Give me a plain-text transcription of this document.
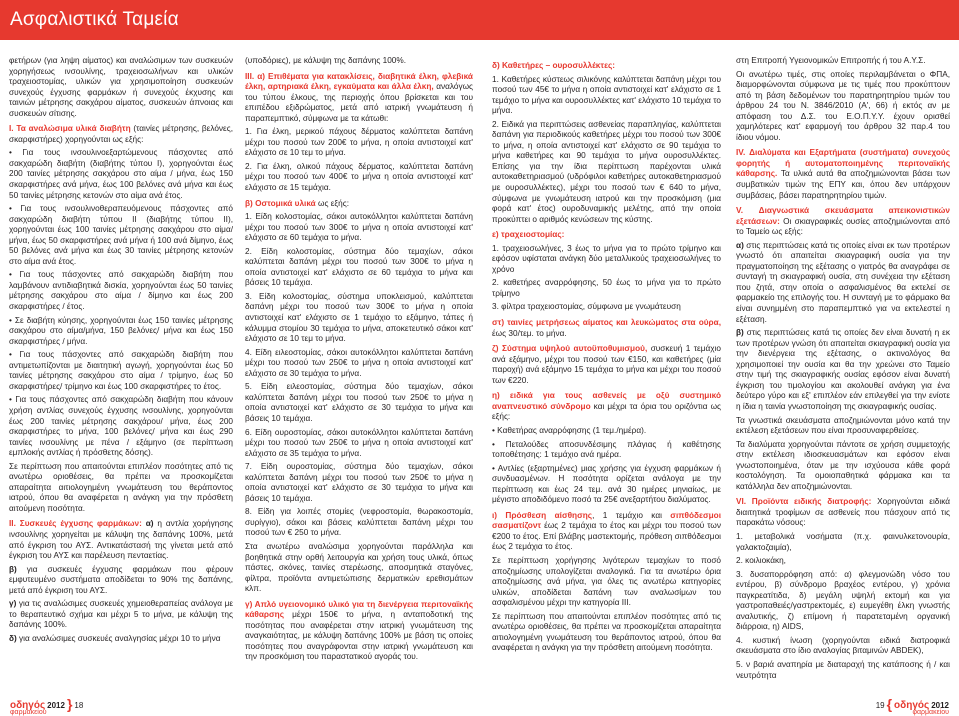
Ασφαλιστικά Ταμεία

φετήρων (για ληψη αίματος) και αναλώσιμων των συσκευών χορηγήσεως ινσουλίνης, τραχειοσωλήνων και υλικών τραχειοστομίας, υλικών για χρησιμοποίηση συσκευών συνεχούς έγχυσης φαρμάκων ή συνεχούς έκχυσης και ταινιών μέτρησης σακχάρου αίματος, συσκευών άπνοιας και συσκευών σίτισης.

Ι. Τα αναλώσιμα υλικά διαβήτη (ταινίες μέτρησης, βελόνες, σκαρφιστήρες) χορηγούνται ως εξής:

• Για τους ινσουλινοεξαρτώμενους πάσχοντες από σακχαρώδη διαβήτη (διαβήτης τύπου Ι), χορηγούνται έως 200 ταινίες μέτρησης σακχάρου στο αίμα / μήνα, έως 150 σκαρφιστήρες ανά μήνα, έως 100 βελόνες ανά μήνα και έως 50 ταινίες μέτρησης κετονών στο αίμα ανά έτος.

• Για τους ινσουλινοθεραπευόμενους πάσχοντες από σακχαρώδη διαβήτη τύπου ΙΙ (διαβήτης τύπου ΙΙ), χορηγούνται έως 100 ταινίες μέτρησης σακχάρου στο αίμα/μήνα, έως 50 σκαρφιστήρες ανά μήνα ή 100 ανά δίμηνο, έως 50 βελόνες ανά μήνα και έως 30 ταινίες μέτρησης κετονών στο αίμα ανά έτος.

• Για τους πάσχοντες από σακχαρώδη διαβήτη που λαμβάνουν αντιδιαβητικά δισκία, χορηγούνται έως 50 ταινίες μέτρησης σακχάρου στο αίμα / δίμηνο και έως 200 σκαρφιστήρες / έτος.

• Σε διαβήτη κύησης, χορηγούνται έως 150 ταινίες μέτρησης σακχάρου στο αίμα/μήνα, 150 βελόνες/ μήνα και έως 150 σκαρφιστήρες / μήνα.

• Για τους πάσχοντες από σακχαρώδη διαβήτη που αντιμετωπίζονται με διαιτητική αγωγή, χορηγούνται έως 50 ταινίες μέτρησης σακχάρου στο αίμα / τρίμηνο, έως 50 σκαρφιστήρες/ τρίμηνο και έως 100 σκαρφιστήρες το έτος.

• Για τους πάσχοντες από σακχαρώδη διαβήτη που κάνουν χρήση αντλίας συνεχούς έγχυσης ινσουλίνης, χορηγούνται έως 200 ταινίες μέτρησης σακχάρου/ μήνα, έως 200 σκαρφιστήρες το μήνα, 100 βελόνες/ μήνα και έως 290 ταινίες ινσουλίνης με πένα / εξάμηνο (σε περίπτωση εμπλοκής αντλίας ή πρόσθετης δόσης).

Σε περίπτωση που απαιτούνται επιπλέον ποσότητες από τις ανωτέρω οριοθέσεις, θα πρέπει να προσκομίζεται απαραίτητα αιτιολογημένη γνωμάτευση του θεράποντος ιατρού, όπου θα αναφέρεται η ανάγκη για την πρόσθετη αιτούμενη ποσότητα.

ΙΙ. Συσκευές έγχυσης φαρμάκων: α) η αντλία χορήγησης ινσουλίνης χορηγείται με κάλυψη της δαπάνης 100%, μετά από έγκριση του ΑΥΣ. Αντικατάστασή της γίνεται μετά από έγκριση του ΑΥΣ και παρέλευση πενταετίας.

β) για συσκευές έγχυσης φαρμάκων που φέρουν εμφυτευμένο συστήματα αποδίδεται το 90% της δαπάνης, μετά από έγκριση του ΑΥΣ.

γ) για τις αναλώσιμες συσκευές χημειοθεραπείας ανάλογα με το θεραπευτικό σχήμα και μέχρι 5 το μήνα, με κάλυψη της δαπάνης 100%.

δ) για αναλώσιμες συσκευές αναλγησίας μέχρι 10 το μήνα

(υποδόριες), με κάλυψη της δαπάνης 100%.

ΙΙΙ. α) Επιθέματα για κατακλίσεις, διαβητικά έλκη, φλεβικά έλκη, αρτηριακά έλκη, εγκαύματα και άλλα έλκη, αναλόγως του τύπου έλκους, της περιοχής όπου βρίσκεται και του επιπέδου εξιδρώματος, μετά από ιατρική γνωμάτευση ή παραπεμπτικό, σύμφωνα με τα κάτωθι:

1. Για έλκη, μερικού πάχους δέρματος καλύπτεται δαπάνη μέχρι του ποσού των 200€ το μήνα, η οποία αντιστοιχεί κατ' ελάχιστο σε 10 τεμ το μήνα.

2. Για έλκη, ολικού πάχους δέρματος, καλύπτεται δαπάνη μέχρι του ποσού των 400€ το μήνα η οποία αντιστοιχεί κατ' ελάχιστο σε 15 τεμάχια.

β) Οστομικά υλικά ως εξής:

1. Είδη κολοστομίας, σάκοι αυτοκόλλητοι καλύπτεται δαπάνη μέχρι του ποσού των 300€ το μήνα η οποία αντιστοιχεί κατ' ελάχιστο σε 60 τεμάχια το μήνα.

2. Είδη κολοστομίας, σύστημα δύο τεμαχίων, σάκοι καλύπτεται δαπάνη μέχρι του ποσού των 300€ το μήνα η οποία αντιστοιχεί κατ' ελάχιστο σε 60 τεμάχια το μήνα και βάσεις 10 τεμάχια.

3. Είδη κολοστομίας, σύστημα υποκλεισμού, καλύπτεται δαπάνη μέχρι του ποσού των 300€ το μήνα η οποία αντιστοιχεί κατ' ελάχιστο σε 1 τεμάχιο το εξάμηνο, τάπες ή κάλυμμα στομίου 30 τεμάχια το μήνα, αποκετευτικό σάκοι κατ' ελάχιστο σε 10 τεμ το μήνα.

4. Είδη ειλεοστομίας, σάκοι αυτοκόλλητοι καλύπτεται δαπάνη μέχρι του ποσού των 250€ το μήνα η οποία αντιστοιχεί κατ' ελάχιστο σε 30 τεμάχια το μήνα.

5. Είδη ειλεοστομίας, σύστημα δύο τεμαχίων, σάκοι καλύπτεται δαπάνη μέχρι του ποσού των 250€ το μήνα η οποία αντιστοιχεί κατ' ελάχιστο σε 30 τεμάχια το μήνα και βάσεις 10 τεμάχια.

6. Είδη ουροστομίας, σάκοι αυτοκόλλητοι καλύπτεται δαπάνη μέχρι του ποσού των 250€ το μήνα η οποία αντιστοιχεί κατ' ελάχιστο σε 35 τεμάχια το μήνα.

7. Είδη ουροστομίας, σύστημα δύο τεμαχίων, σάκοι καλύπτεται δαπάνη μέχρι του ποσού των 250€ το μήνα η οποία αντιστοιχεί κατ' ελάχιστο σε 30 τεμάχια το μήνα και βάσεις 10 τεμάχια.

8. Είδη για λοιπές στομίες (νεφροστομία, θωρακοστομία, συρίγγιο), σάκοι και βάσεις καλύπτεται δαπάνη μέχρι του ποσού των € 250 το μήνα.

Στα ανωτέρω αναλώσιμα χορηγούνται παράλληλα και βοηθητικά στην ορθή λειτουργία και χρήση τους υλικά, όπως πάστες, σκόνες, ταινίες στερέωσης, αποσμητικά σταγόνες, φίλτρα, προϊόντα αντιμετώπισης δερματικών ερεθισμάτων κλπ.

γ) Απλό υγειονομικό υλικό για τη διενέργεια περιτοναϊκής κάθαρσης μέχρι 150€ το μήνα, η ανταποδοτική της ποσότητας που αναφέρεται στην ιατρική γνωμάτευση της αναγκαιότητας, με κάλυψη δαπάνης 100% με βάση τις οποίες ποσότητες που αναγράφονται στην ιατρική γνωμάτευση και την προσκόμιση του παραστατικού αγοράς του.

δ) Καθετήρες – ουροσυλλέκτες:

1. Καθετήρες κύστεως σιλικόνης καλύπτεται δαπάνη μέχρι του ποσού των 45€ το μήνα η οποία αντιστοιχεί κατ' ελάχιστο σε 1 τεμάχιο το μήνα και ουροσυλλέκτες κατ' ελάχιστο 10 τεμάχια το μήνα.

2. Ειδικά για περιπτώσεις ασθενείας παραπληγίας, καλύπτεται δαπάνη για περιοδικούς καθετήρες μέχρι του ποσού των 300€ το μήνα, η οποία αντιστοιχεί κατ' ελάχιστο σε 90 τεμάχια το μήνα καθετήρες και 90 τεμάχια το μήνα ουροσυλλέκτες. Επίσης για την ίδια περίπτωση παρέχονται υλικά αυτοκαθετηριασμού (υδρόφιλοι καθετήρες αυτοκαθετηριασμού με ουροσυλλέκτες), μέχρι του ποσού των € 640 το μήνα, σύμφωνα με γνωμάτευση ιατρού και την προσκόμιση (μια φορά κατ' έτος) ουροδυναμικής μελέτης, από την οποία προκύπτει ο αριθμός κενώσεων της κύστης.

ε) τραχειοστομίας:

1. τραχειοσωλήνες, 3 έως το μήνα για το πρώτο τρίμηνο και εφόσον υφίσταται ανάγκη δύο μεταλλικούς τραχειοσωλήνες το χρόνο

2. καθετήρες αναρρόφησης, 50 έως το μήνα για το πρώτο τρίμηνο

3. φίλτρα τραχειοστομίας, σύμφωνα με γνωμάτευση

στ) ταινίες μετρήσεως αίματος και λευκώματος στα ούρα, έως 30/τεμ. το μήνα.

ζ) Σύστημα υψηλού αυτοϋποθυμισμού, συσκευή 1 τεμάχιο ανά εξάμηνο, μέχρι του ποσού των €150, και καθετήρες (μία παροχή) ανά εξάμηνο 15 τεμάχια το μήνα και μέχρι του ποσού των €220.

η) ειδικά για τους ασθενείς με οξύ συστημικό αναπνευστικό σύνδρομο και μέχρι τα όρια του οριζόντια ως εξής:

• Καθετήρας αναρρόφησης (1 τεμ./ημέρα).

• Πεταλούδες αποσυνδέσιμης πλάγιας ή καθέτησης τοποθέτησης: 1 τεμάχιο ανά ημέρα.

• Αντλίες (εξαρτημένες) μιας χρήσης για έγχυση φαρμάκων ή συνδυασμένων. Η ποσότητα ορίζεται ανάλογα με την περίπτωση και έως 24 τεμ. ανά 30 ημέρες μηνιαίως, με μέγιστο αποδιδόμενο ποσό τα 25€ ανεξαρτήτου διαλύματος.

ι) Πρόσθεση αίσθησης, 1 τεμάχιο και σιπθόδεσμοι σασματίζοντ έως 2 τεμάχια το έτος και μέχρι του ποσού των €200 το έτος. Επί βλάβης μαστεκτομής, πρόθεση σιπθόδεσμοι έως 2 τεμάχια το έτος.

Σε περίπτωση χορήγησης λιγότερων τεμαχίων το ποσό αποζημίωσης υπολογίζεται αναλογικά. Για τα ανωτέρω όρια αποζημίωσης ανά μήνα, για όλες τις ανωτέρω κατηγορίες υλικών, αποδίδεται δαπάνη των αναλωσίμων του ασφαλισμένου μέχρι την κατηγορία ΙΙΙ.

Σε περίπτωση που απαιτούνται επιπλέον ποσότητες από τις ανωτέρω οριοθέσεις, θα πρέπει να προσκομίζεται απαραίτητα αιτιολογημένη γνωμάτευση του θεράποντος ιατρού, όπου θα αναφέρεται η ανάγκη για την πρόσθετη αιτούμενη ποσότητα.

στη Επιτροπή Υγειονομικών Επιτροπής ή του Α.Υ.Σ.

Οι ανωτέρω τιμές, στις οποίες περιλαμβάνεται ο ΦΠΑ, διαμορφώνονται σύμφωνα με τις τιμές που προκύπτουν από τη βάση δεδομένων του παρατηρητηρίου τιμών του άρθρου 24 του Ν. 3846/2010 (Α', 66) ή εκτός αν με απόφαση του Δ.Σ. του Ε.Ο.Π.Υ.Υ. έχουν ορισθεί χαμηλότερες κατ' εφαρμογή του άρθρου 32 παρ.4 του ίδιου νόμου.

ΙV. Διαλύματα και Εξαρτήματα (συστήματα) συνεχούς φορητής ή αυτοματοποιημένης περιτοναϊκής κάθαρσης. Τα υλικά αυτά θα αποζημιώνονται βάσει των συμβατικών τιμών της ΕΠΥ και, όπου δεν υπάρχουν συμβάσεις, βάσει παρατηρητηρίου τιμών.

V. Διαγνωστικά σκευάσματα απεικονιστικών εξετάσεων: Οι σκιαγραφικές ουσίες αποζημιώνονται από το Ταμείο ως εξής:

α) στις περιπτώσεις κατά τις οποίες είναι εκ των προτέρων γνωστό ότι απαιτείται σκιαγραφική ουσία για την πραγματοποίηση της εξέτασης ο γιατρός θα αναγράφει σε συνταγή τη σκιαγραφική ουσία, στη συνέχεια την εξέταση που ζητά, στην οποία ο ασφαλισμένος θα εκτελεί σε φαρμακείο της επιλογής του. Η συνταγή με το φάρμακο θα είναι συνημμένη στο παραπεμπτικό για να εκτελεστεί η εξέταση.

β) στις περιπτώσεις κατά τις οποίες δεν είναι δυνατή η εκ των προτέρων γνώση ότι απαιτείται σκιαγραφική ουσία για την διενέργεια της εξέτασης, ο ακτινολόγος θα χρησιμοποιεί την ουσία και θα την χρεώνει στο Ταμείο στην τιμή της σκιαγραφικής ουσίας εφόσον είναι δυνατή έγκριση του τιμολογίου και ακολουθεί ανάγκη για ένα δεύτερο γύρο και εξ' επιπλέον εάν επιλεγθεί για την ενίοτε η ίδια η ταινία γνωστοποίηση της σκιαγραφικής ουσίας.

Τα γνωστικά σκευάσματα αποζημιώνονται μόνο κατά την εκτέλεση εξετάσεων που είναι προσυναφερθείσες.

Τα διαλύματα χορηγούνται πάντοτε σε χρήση συμμετοχής στην εκτέλεση ιδιοσκευασμάτων και εφόσον είναι γνωστοποιημένα, όταν με την ισχύουσα κάθε φορά κοστολόγηση. Τα ομοιοπαθητικά φάρμακα και τα κατάλληλα δεν αποζημιώνονται.

VI. Προϊόντα ειδικής διατροφής: Χορηγούνται ειδικά διαιτητικά τροφίμων σε ασθενείς που πάσχουν από τις παρακάτω νόσους:

1. μεταβολικά νοσήματα (π.χ. φαινυλκετονουρία, γαλακτοζαιμία),

2. κοιλιοκάκη,

3. δυσαπορρόφηση από: α) φλεγμονώδη νόσο του εντέρου, β) σύνδρομο βραχέος εντέρου, γ) χρόνια παγκρεατίτιδα, δ) μεγάλη υψηλή εκτομή και για γαστροπαθειές/γαστρεκτομές, ε) ευμεγέθη έλκη γνωστής αναλυτικής, ζ) επίμονη ή παρατεταμένη οργανική διάρροια, η) AIDS,

4. κυστική ίνωση (χορηγούνται ειδικά διατροφικά σκευάσματα στο ίδιο αναλογίας βιταμινών ABDEK),

5. ν βαριά αναπηρία με διαταραχή της κατάποσης ή / και νευτρότητα

οδηγός 2012 } 18
φαρμακείου
19 { οδηγός 2012
φαρμακείου
